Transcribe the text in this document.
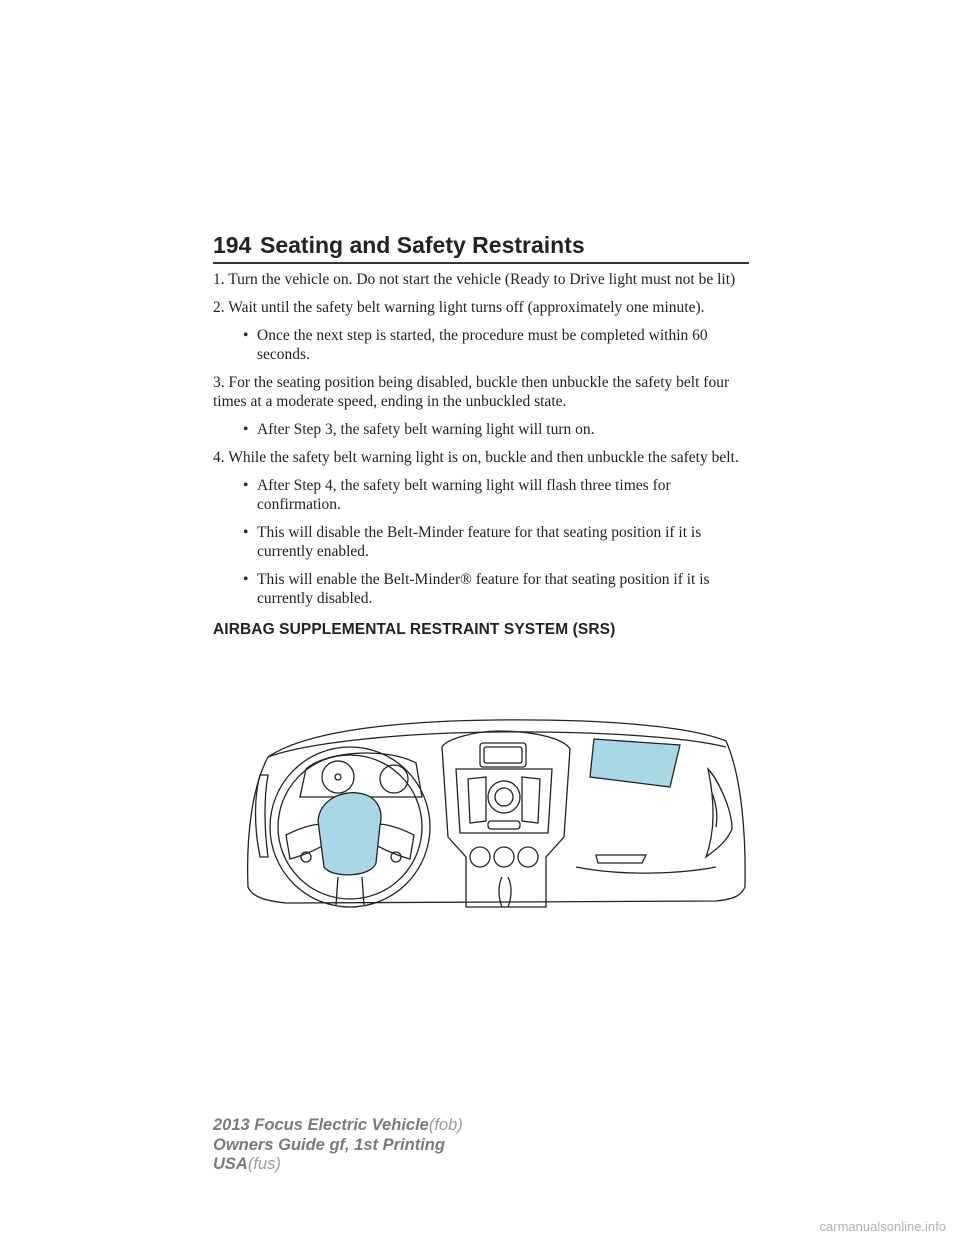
194 Seating and Safety Restraints

1. Turn the vehicle on. Do not start the vehicle (Ready to Drive light must not be lit)

2. Wait until the safety belt warning light turns off (approximately one minute).

• Once the next step is started, the procedure must be completed within 60 seconds.

3. For the seating position being disabled, buckle then unbuckle the safety belt four times at a moderate speed, ending in the unbuckled state.

• After Step 3, the safety belt warning light will turn on.

4. While the safety belt warning light is on, buckle and then unbuckle the safety belt.

• After Step 4, the safety belt warning light will flash three times for confirmation.
• This will disable the Belt-Minder feature for that seating position if it is currently enabled.
• This will enable the Belt-Minder® feature for that seating position if it is currently disabled.

AIRBAG SUPPLEMENTAL RESTRAINT SYSTEM (SRS)

2013 Focus Electric Vehicle(fob)
Owners Guide gf, 1st Printing
USA(fus)
carmanualsonline.info
